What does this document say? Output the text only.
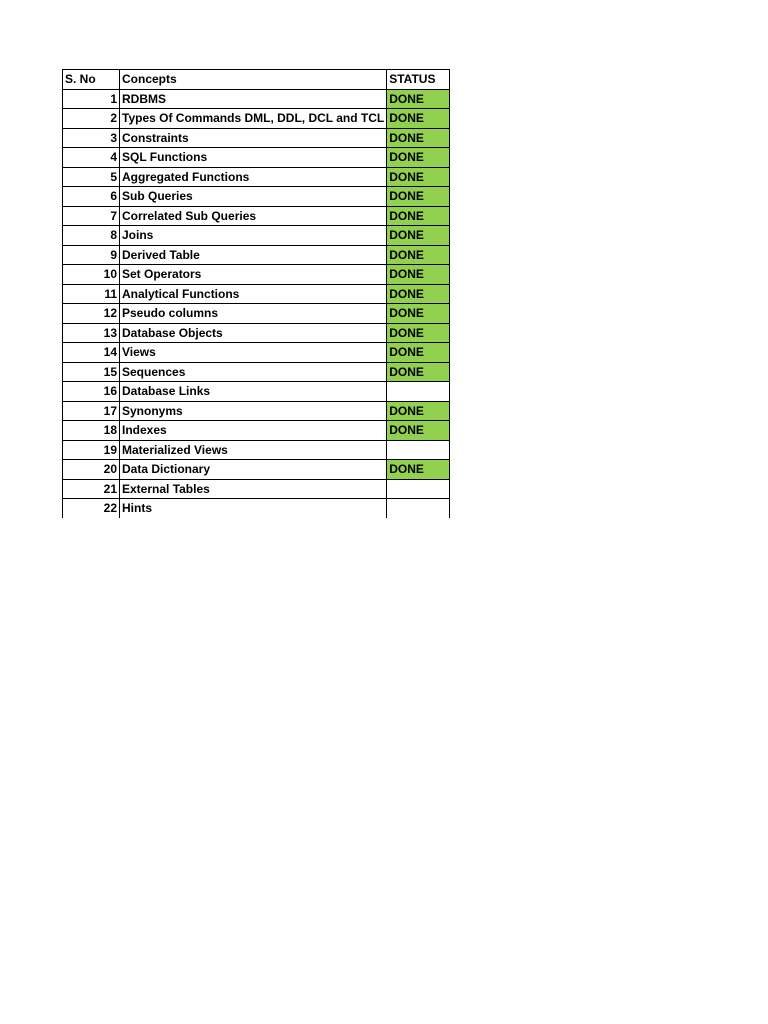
S. No	Concepts	STATUS
1	RDBMS	DONE
2	Types Of Commands DML, DDL, DCL and TCL	DONE
3	Constraints	DONE
4	SQL Functions	DONE
5	Aggregated Functions	DONE
6	Sub Queries	DONE
7	Correlated Sub Queries	DONE
8	Joins	DONE
9	Derived Table	DONE
10	Set Operators	DONE
11	Analytical Functions	DONE
12	Pseudo columns	DONE
13	Database Objects	DONE
14	Views	DONE
15	Sequences	DONE
16	Database Links	
17	Synonyms	DONE
18	Indexes	DONE
19	Materialized Views	
20	Data Dictionary	DONE
21	External Tables	
22	Hints	
